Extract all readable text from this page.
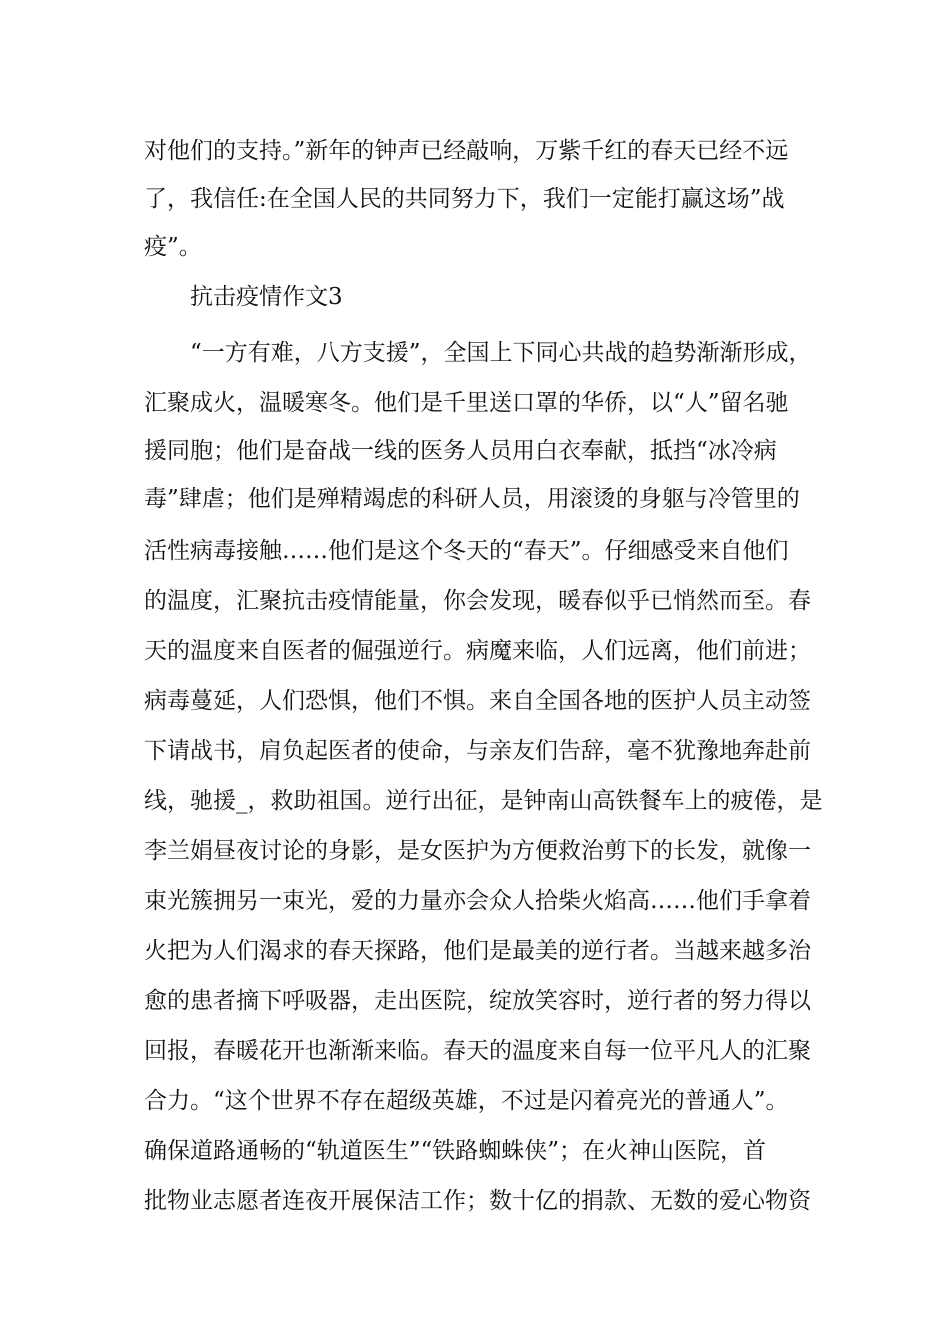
对他们的支持。”新年的钟声已经敲响，万紫千红的春天已经不远
了，我信任:在全国人民的共同努力下，我们一定能打赢这场”战
疫”。
抗击疫情作文3
“一方有难，八方支援”，全国上下同心共战的趋势渐渐形成，
汇聚成火，温暖寒冬。他们是千里送口罩的华侨，以“人”留名驰
援同胞；他们是奋战一线的医务人员用白衣奉献，抵挡“冰冷病
毒”肆虐；他们是殚精竭虑的科研人员，用滚烫的身躯与冷管里的
活性病毒接触……他们是这个冬天的“春天”。仔细感受来自他们
的温度，汇聚抗击疫情能量，你会发现，暖春似乎已悄然而至。春
天的温度来自医者的倔强逆行。病魔来临，人们远离，他们前进；
病毒蔓延，人们恐惧，他们不惧。来自全国各地的医护人员主动签
下请战书，肩负起医者的使命，与亲友们告辞，毫不犹豫地奔赴前
线，驰援_，救助祖国。逆行出征，是钟南山高铁餐车上的疲倦，是
李兰娟昼夜讨论的身影，是女医护为方便救治剪下的长发，就像一
束光簇拥另一束光，爱的力量亦会众人拾柴火焰高……他们手拿着
火把为人们渴求的春天探路，他们是最美的逆行者。当越来越多治
愈的患者摘下呼吸器，走出医院，绽放笑容时，逆行者的努力得以
回报，春暖花开也渐渐来临。春天的温度来自每一位平凡人的汇聚
合力。“这个世界不存在超级英雄，不过是闪着亮光的普通人”。
确保道路通畅的“轨道医生”“铁路蜘蛛侠”；在火神山医院，首
批物业志愿者连夜开展保洁工作；数十亿的捐款、无数的爱心物资
